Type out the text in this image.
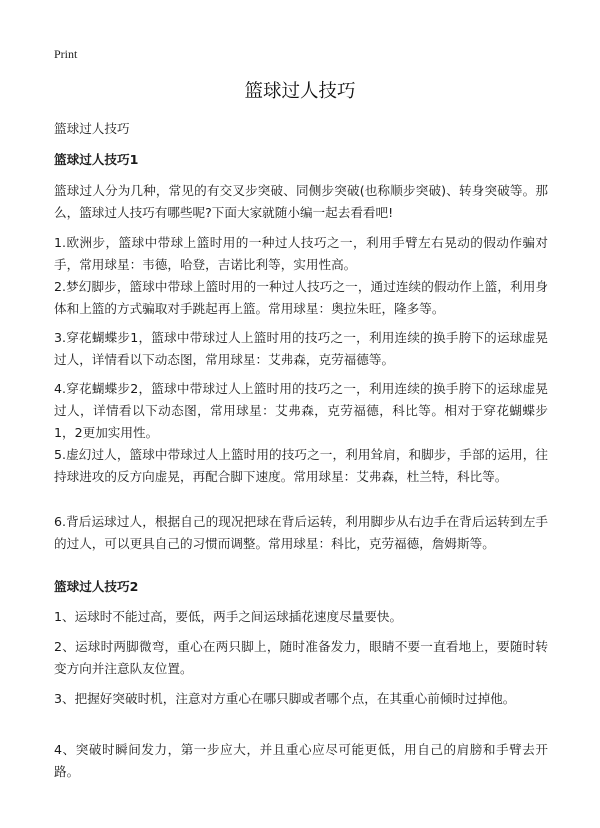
Print
篮球过人技巧

篮球过人技巧

篮球过人技巧1

篮球过人分为几种，常见的有交叉步突破、同侧步突破(也称顺步突破)、转身突破等。那么，篮球过人技巧有哪些呢?下面大家就随小编一起去看看吧!

1.欧洲步，篮球中带球上篮时用的一种过人技巧之一，利用手臂左右晃动的假动作骗对手，常用球星：韦德，哈登，吉诺比利等，实用性高。

2.梦幻脚步，篮球中带球上篮时用的一种过人技巧之一，通过连续的假动作上篮，利用身体和上篮的方式骗取对手跳起再上篮。常用球星：奥拉朱旺，隆多等。

3.穿花蝴蝶步1，篮球中带球过人上篮时用的技巧之一，利用连续的换手胯下的运球虚晃过人，详情看以下动态图，常用球星：艾弗森，克劳福德等。

4.穿花蝴蝶步2，篮球中带球过人上篮时用的技巧之一，利用连续的换手胯下的运球虚晃过人，详情看以下动态图，常用球星：艾弗森，克劳福德，科比等。相对于穿花蝴蝶步1，2更加实用性。

5.虚幻过人，篮球中带球过人上篮时用的技巧之一，利用耸肩，和脚步，手部的运用，往持球进攻的反方向虚晃，再配合脚下速度。常用球星：艾弗森，杜兰特，科比等。

6.背后运球过人，根据自己的现况把球在背后运转，利用脚步从右边手在背后运转到左手的过人，可以更具自己的习惯而调整。常用球星：科比，克劳福德，詹姆斯等。

篮球过人技巧2

1、运球时不能过高，要低，两手之间运球插花速度尽量要快。

2、运球时两脚微弯，重心在两只脚上，随时准备发力，眼睛不要一直看地上，要随时转变方向并注意队友位置。

3、把握好突破时机，注意对方重心在哪只脚或者哪个点，在其重心前倾时过掉他。

4、突破时瞬间发力，第一步应大，并且重心应尽可能更低，用自己的肩膀和手臂去开路。
